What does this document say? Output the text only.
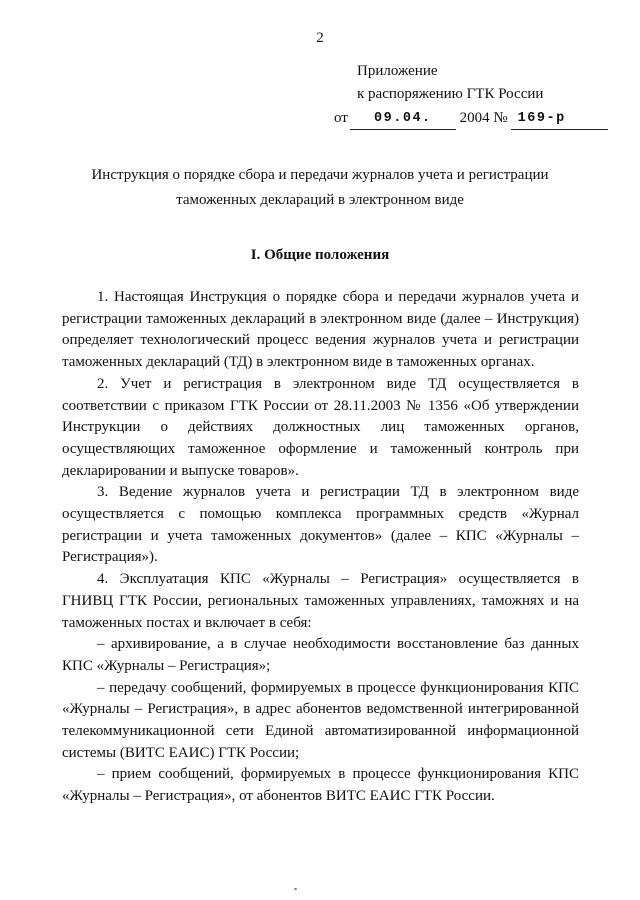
2
Приложение
к распоряжению ГТК России
от 09.04. 2004 № 169-р
Инструкция о порядке сбора и передачи журналов учета и регистрации
таможенных деклараций в электронном виде
I. Общие положения

1. Настоящая Инструкция о порядке сбора и передачи журналов учета и регистрации таможенных деклараций в электронном виде (далее – Инструкция) определяет технологический процесс ведения журналов учета и регистрации таможенных деклараций (ТД) в электронном виде в таможенных органах.

2. Учет и регистрация в электронном виде ТД осуществляется в соответствии с приказом ГТК России от 28.11.2003 № 1356 «Об утверждении Инструкции о действиях должностных лиц таможенных органов, осуществляющих таможенное оформление и таможенный контроль при декларировании и выпуске товаров».

3. Ведение журналов учета и регистрации ТД в электронном виде осуществляется с помощью комплекса программных средств «Журнал регистрации и учета таможенных документов» (далее – КПС «Журналы – Регистрация»).

4. Эксплуатация КПС «Журналы – Регистрация» осуществляется в ГНИВЦ ГТК России, региональных таможенных управлениях, таможнях и на таможенных постах и включает в себя:

– архивирование, а в случае необходимости восстановление баз данных КПС «Журналы – Регистрация»;

– передачу сообщений, формируемых в процессе функционирования КПС «Журналы – Регистрация», в адрес абонентов ведомственной интегрированной телекоммуникационной сети Единой автоматизированной информационной системы (ВИТС ЕАИС) ГТК России;

– прием сообщений, формируемых в процессе функционирования КПС «Журналы – Регистрация», от абонентов ВИТС ЕАИС ГТК России.
